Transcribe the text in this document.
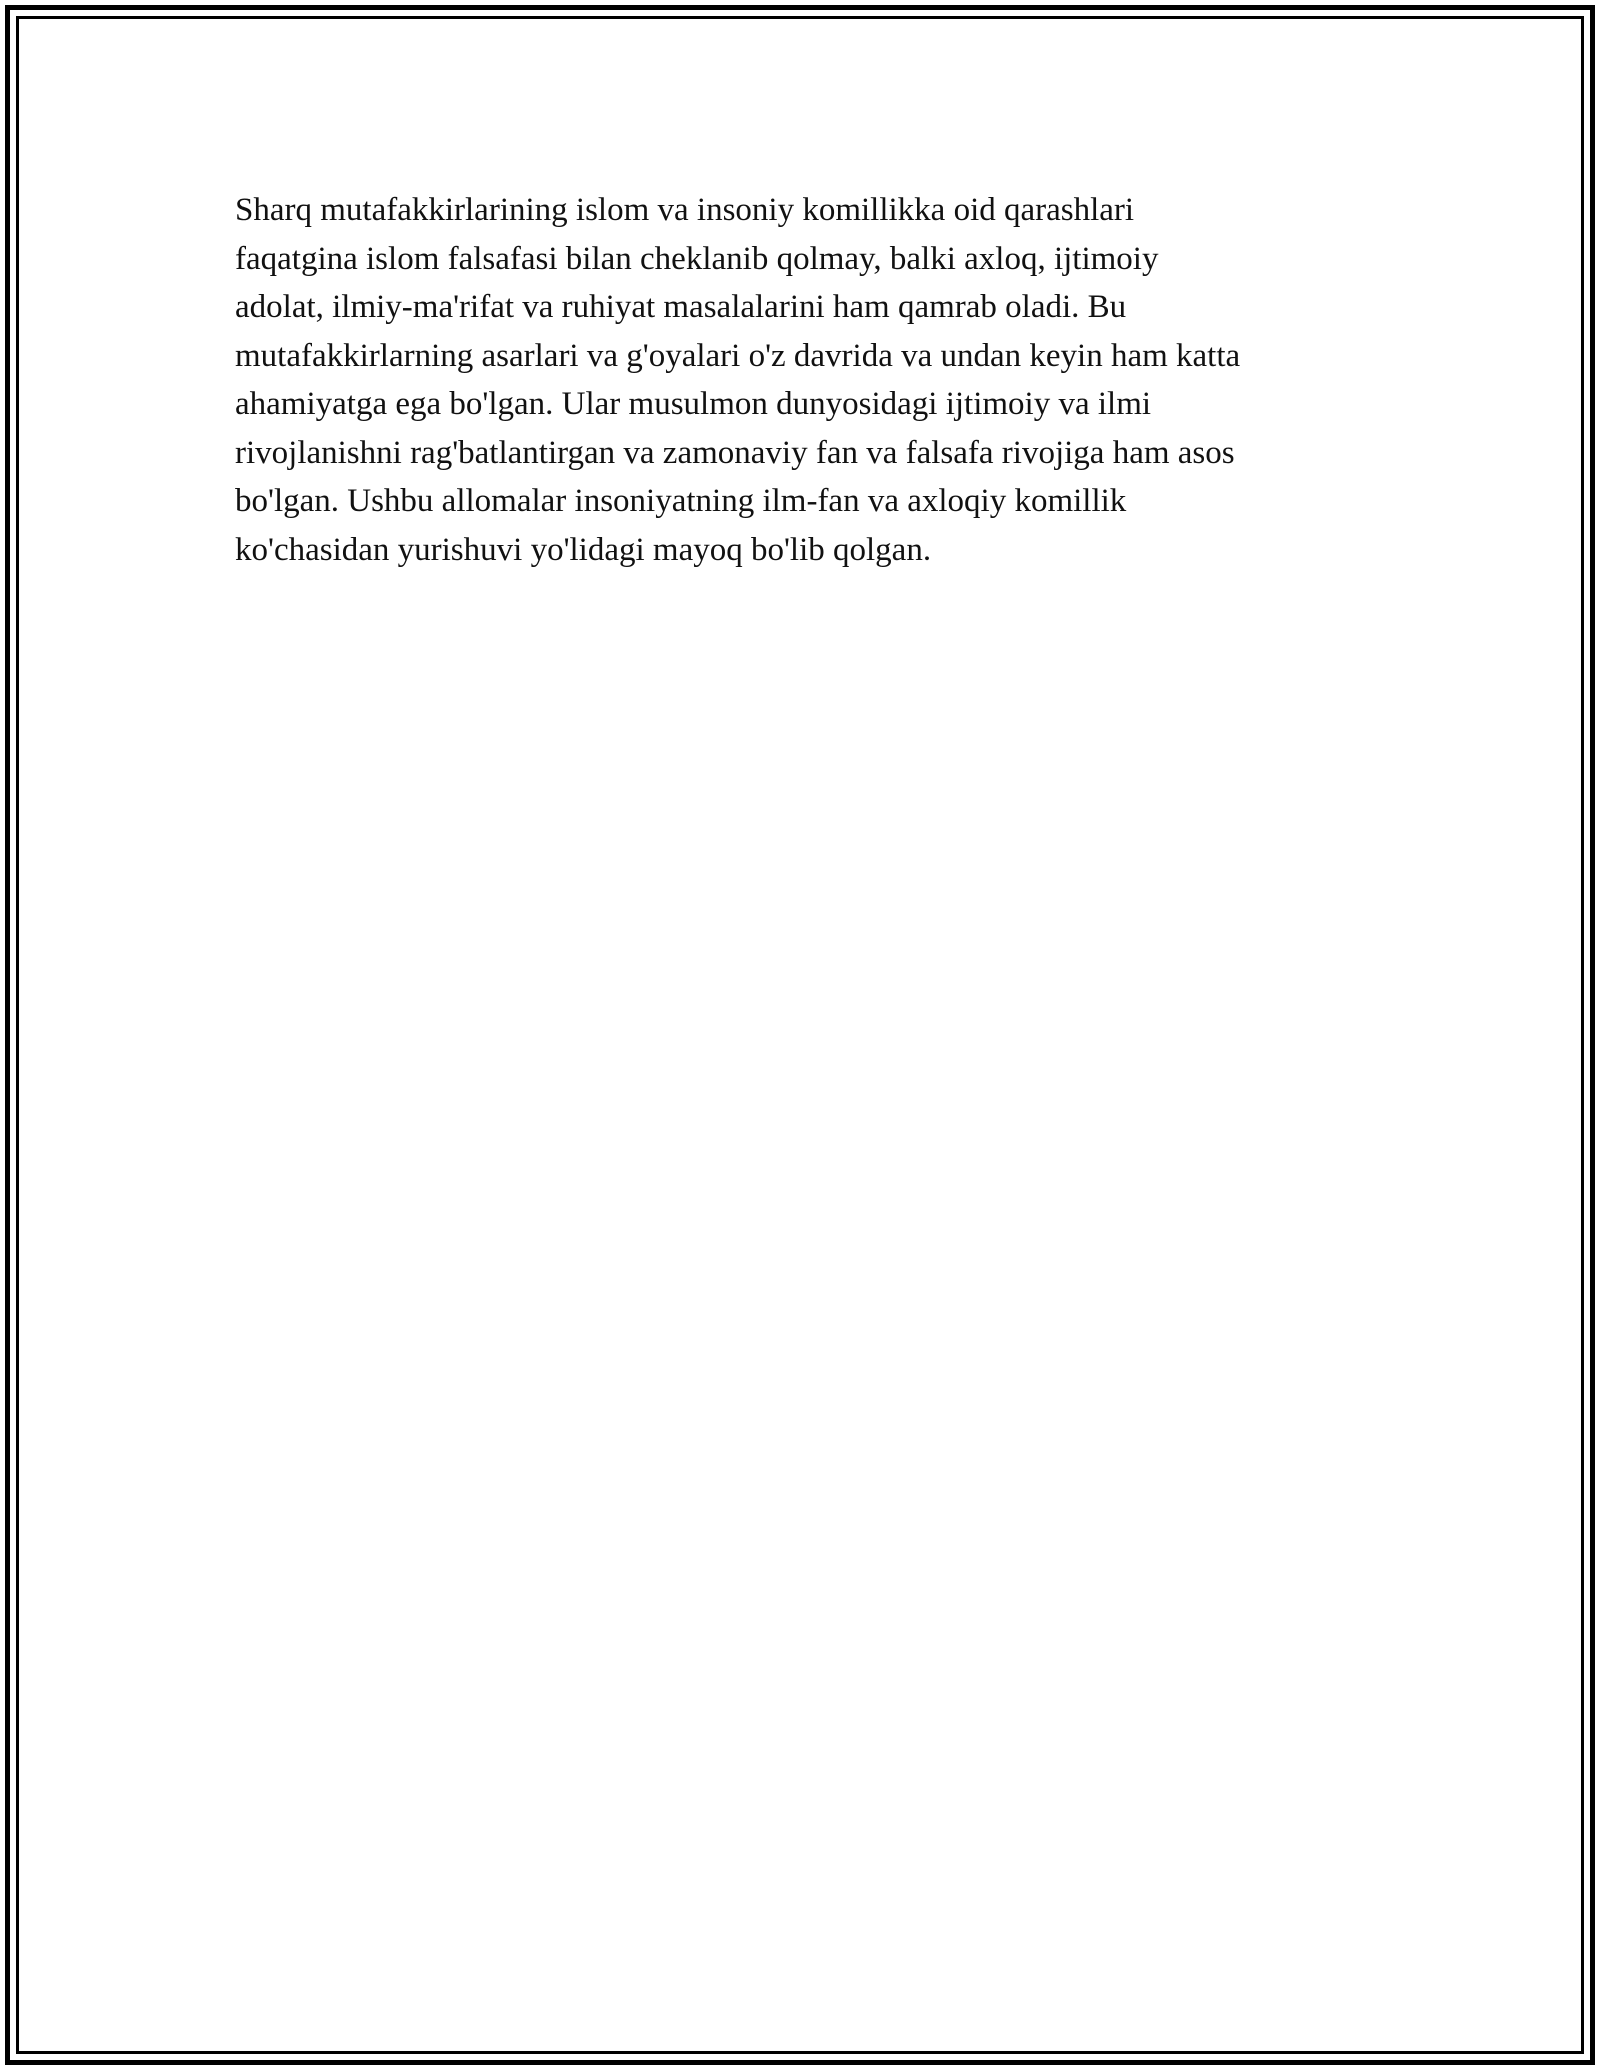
Sharq mutafakkirlarining islom va insoniy komillikka oid qarashlari
faqatgina islom falsafasi bilan cheklanib qolmay, balki axloq, ijtimoiy
adolat, ilmiy-ma'rifat va ruhiyat masalalarini ham qamrab oladi. Bu
mutafakkirlarning asarlari va g'oyalari o'z davrida va undan keyin ham katta
ahamiyatga ega bo'lgan. Ular musulmon dunyosidagi ijtimoiy va ilmi
rivojlanishni rag'batlantirgan va zamonaviy fan va falsafa rivojiga ham asos
bo'lgan. Ushbu allomalar insoniyatning ilm-fan va axloqiy komillik
ko'chasidan yurishuvi yo'lidagi mayoq bo'lib qolgan.
